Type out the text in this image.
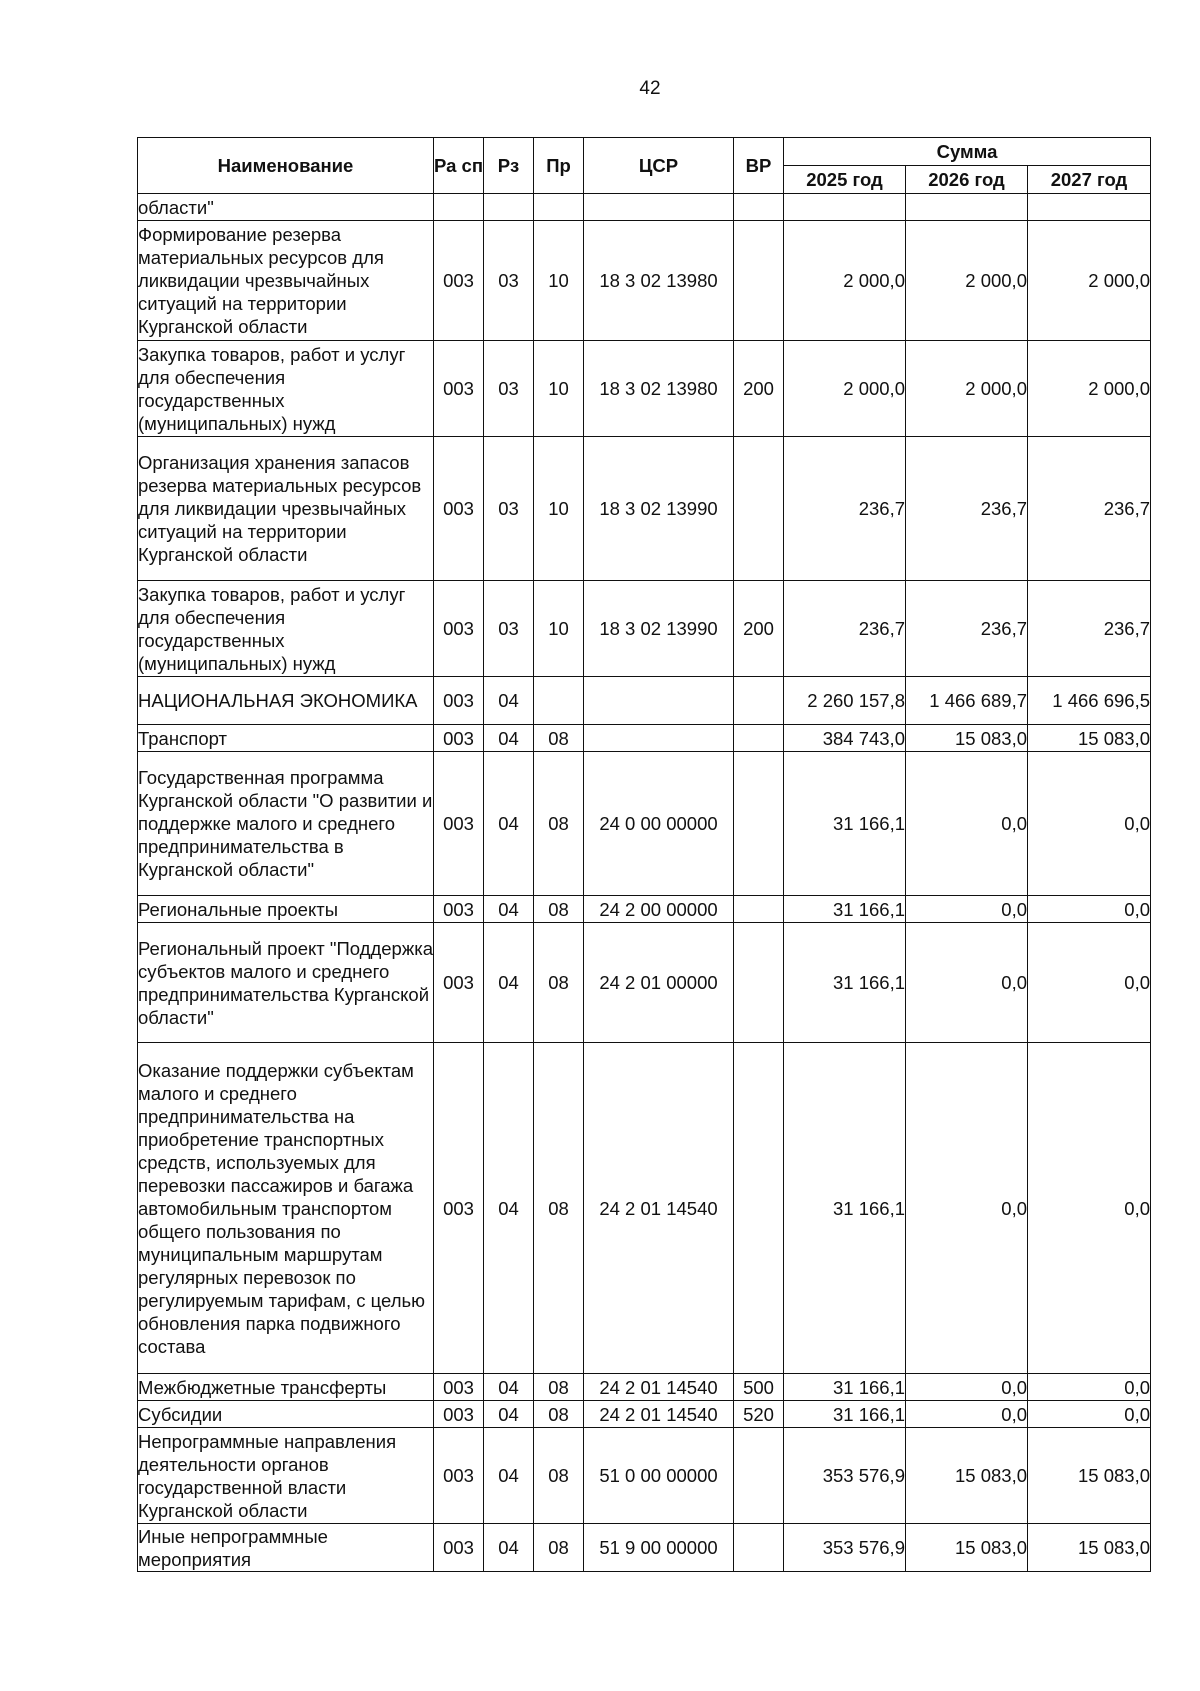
42
Наименование	Ра сп	Рз	Пр	ЦСР	ВР	Сумма		
						2025 год	2026 год	2027 год
области"								
Формирование резерва материальных ресурсов для ликвидации чрезвычайных ситуаций на территории Курганской области	003	03	10	18 3 02 13980		2 000,0	2 000,0	2 000,0
Закупка товаров, работ и услуг для обеспечения государственных (муниципальных) нужд	003	03	10	18 3 02 13980	200	2 000,0	2 000,0	2 000,0
Организация хранения запасов резерва материальных ресурсов для ликвидации чрезвычайных ситуаций на территории Курганской области	003	03	10	18 3 02 13990		236,7	236,7	236,7
Закупка товаров, работ и услуг для обеспечения государственных (муниципальных) нужд	003	03	10	18 3 02 13990	200	236,7	236,7	236,7
НАЦИОНАЛЬНАЯ ЭКОНОМИКА	003	04				2 260 157,8	1 466 689,7	1 466 696,5
Транспорт	003	04	08			384 743,0	15 083,0	15 083,0
Государственная программа Курганской области "О развитии и поддержке малого и среднего предпринимательства в Курганской области"	003	04	08	24 0 00 00000		31 166,1	0,0	0,0
Региональные проекты	003	04	08	24 2 00 00000		31 166,1	0,0	0,0
Региональный проект "Поддержка субъектов малого и среднего предпринимательства Курганской области"	003	04	08	24 2 01 00000		31 166,1	0,0	0,0
Оказание поддержки субъектам малого и среднего предпринимательства на приобретение транспортных средств, используемых для перевозки пассажиров и багажа автомобильным транспортом общего пользования по муниципальным маршрутам регулярных перевозок по регулируемым тарифам, с целью обновления парка подвижного состава	003	04	08	24 2 01 14540		31 166,1	0,0	0,0
Межбюджетные трансферты	003	04	08	24 2 01 14540	500	31 166,1	0,0	0,0
Субсидии	003	04	08	24 2 01 14540	520	31 166,1	0,0	0,0
Непрограммные направления деятельности органов государственной власти Курганской области	003	04	08	51 0 00 00000		353 576,9	15 083,0	15 083,0
Иные непрограммные мероприятия	003	04	08	51 9 00 00000		353 576,9	15 083,0	15 083,0
